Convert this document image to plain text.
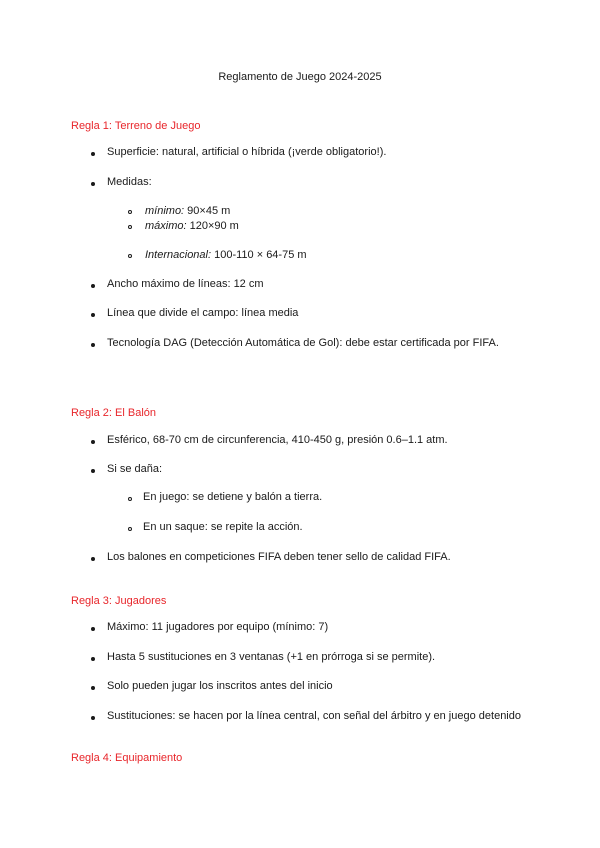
Reglamento de Juego 2024-2025
Regla 1: Terreno de Juego
Superficie: natural, artificial o híbrida (¡verde obligatorio!).
Medidas:
mínimo: 90×45 m
máximo: 120×90 m
Internacional: 100-110 × 64-75 m
Ancho máximo de líneas: 12 cm
Línea que divide el campo: línea media
Tecnología DAG (Detección Automática de Gol): debe estar certificada por FIFA.
Regla 2: El Balón
Esférico, 68-70 cm de circunferencia, 410-450 g, presión 0.6–1.1 atm.
Si se daña:
En juego: se detiene y balón a tierra.
En un saque: se repite la acción.
Los balones en competiciones FIFA deben tener sello de calidad FIFA.
Regla 3: Jugadores
Máximo: 11 jugadores por equipo (mínimo: 7)
Hasta 5 sustituciones en 3 ventanas (+1 en prórroga si se permite).
Solo pueden jugar los inscritos antes del inicio
Sustituciones: se hacen por la línea central, con señal del árbitro y en juego detenido
Regla 4: Equipamiento
